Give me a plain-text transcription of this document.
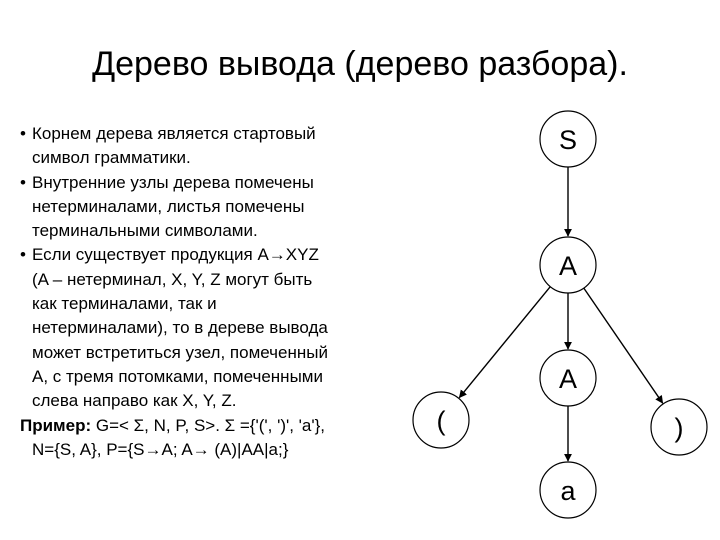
Дерево вывода (дерево разбора).
• Корнем дерева является стартовый
символ грамматики.
• Внутренние узлы дерева помечены
нетерминалами, листья помечены
терминальными символами.
• Если существует продукция A→XYZ
(A – нетерминал, X, Y, Z могут быть
как терминалами, так и
нетерминалами), то в дереве вывода
может встретиться узел, помеченный
A, с тремя потомками, помеченными
слева направо как X, Y, Z.
Пример: G=< Σ, N, P, S>. Σ ={'(', ')', 'a'},
N={S, A}, P={S→A; A→ (A)|AA|a;}
S
A
A
(	)
a
